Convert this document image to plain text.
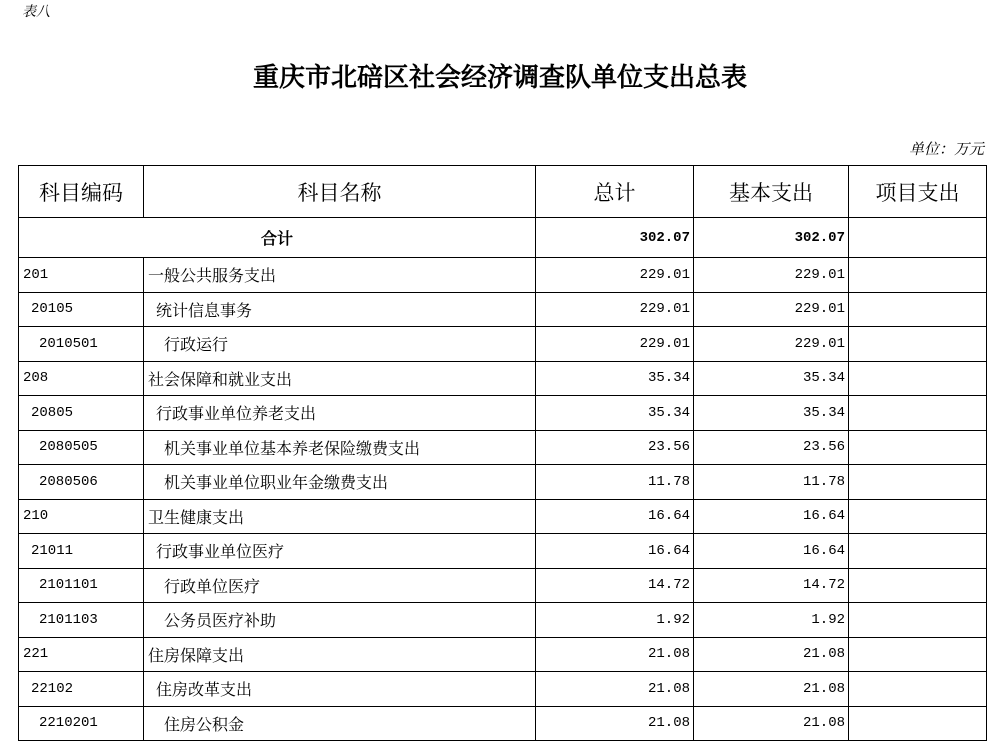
表八
重庆市北碚区社会经济调查队单位支出总表
单位：万元
科目编码	科目名称	总计	基本支出	项目支出
合计		302.07	302.07	
201	一般公共服务支出	229.01	229.01	
20105	统计信息事务	229.01	229.01	
2010501	行政运行	229.01	229.01	
208	社会保障和就业支出	35.34	35.34	
20805	行政事业单位养老支出	35.34	35.34	
2080505	机关事业单位基本养老保险缴费支出	23.56	23.56	
2080506	机关事业单位职业年金缴费支出	11.78	11.78	
210	卫生健康支出	16.64	16.64	
21011	行政事业单位医疗	16.64	16.64	
2101101	行政单位医疗	14.72	14.72	
2101103	公务员医疗补助	1.92	1.92	
221	住房保障支出	21.08	21.08	
22102	住房改革支出	21.08	21.08	
2210201	住房公积金	21.08	21.08	
